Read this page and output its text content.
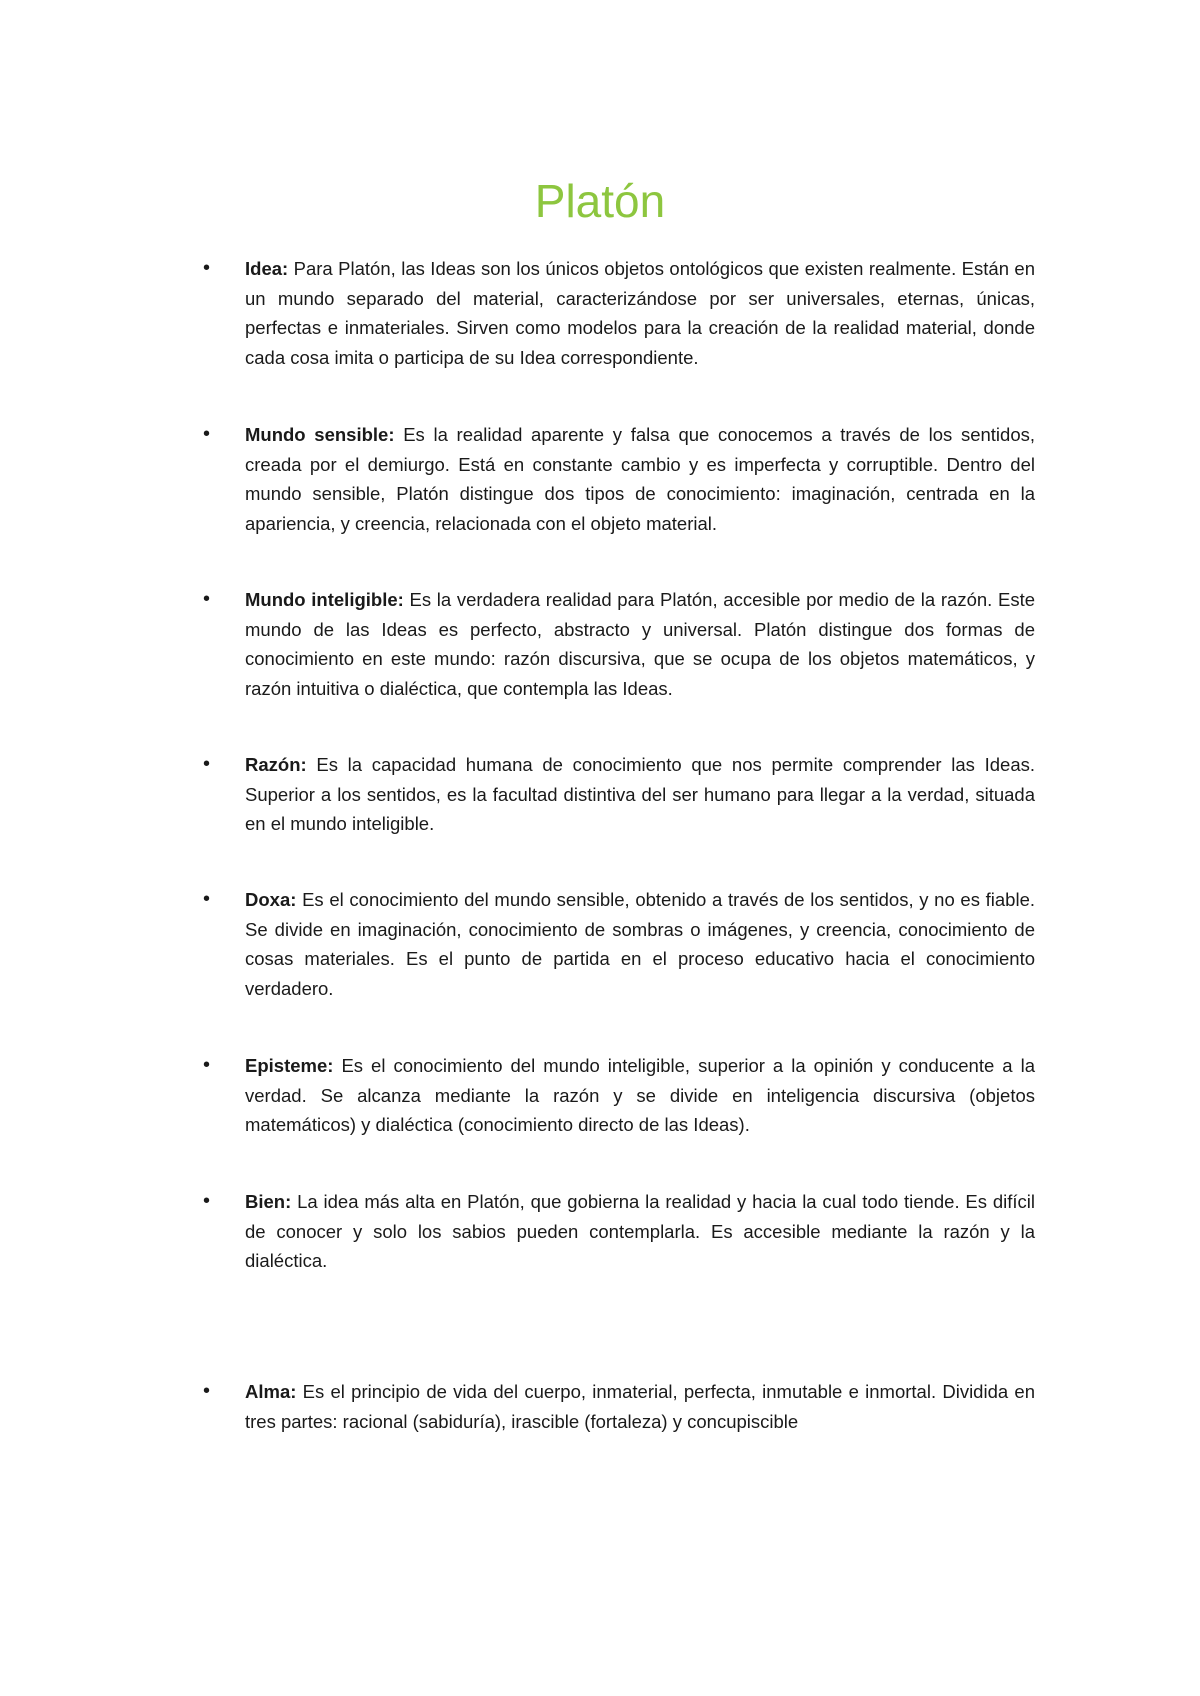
Platón
•	Idea: Para Platón, las Ideas son los únicos objetos ontológicos que existen realmente. Están en un mundo separado del material, caracterizándose por ser universales, eternas, únicas, perfectas e inmateriales. Sirven como modelos para la creación de la realidad material, donde cada cosa imita o participa de su Idea correspondiente.
•	Mundo sensible: Es la realidad aparente y falsa que conocemos a través de los sentidos, creada por el demiurgo. Está en constante cambio y es imperfecta y corruptible. Dentro del mundo sensible, Platón distingue dos tipos de conocimiento: imaginación, centrada en la apariencia, y creencia, relacionada con el objeto material.
•	Mundo inteligible: Es la verdadera realidad para Platón, accesible por medio de la razón. Este mundo de las Ideas es perfecto, abstracto y universal. Platón distingue dos formas de conocimiento en este mundo: razón discursiva, que se ocupa de los objetos matemáticos, y razón intuitiva o dialéctica, que contempla las Ideas.
•	Razón: Es la capacidad humana de conocimiento que nos permite comprender las Ideas. Superior a los sentidos, es la facultad distintiva del ser humano para llegar a la verdad, situada en el mundo inteligible.
•	Doxa: Es el conocimiento del mundo sensible, obtenido a través de los sentidos, y no es fiable. Se divide en imaginación, conocimiento de sombras o imágenes, y creencia, conocimiento de cosas materiales. Es el punto de partida en el proceso educativo hacia el conocimiento verdadero.
•	Episteme: Es el conocimiento del mundo inteligible, superior a la opinión y conducente a la verdad. Se alcanza mediante la razón y se divide en inteligencia discursiva (objetos matemáticos) y dialéctica (conocimiento directo de las Ideas).
•	Bien: La idea más alta en Platón, que gobierna la realidad y hacia la cual todo tiende. Es difícil de conocer y solo los sabios pueden contemplarla. Es accesible mediante la razón y la dialéctica.
•	Alma: Es el principio de vida del cuerpo, inmaterial, perfecta, inmutable e inmortal. Dividida en tres partes: racional (sabiduría), irascible (fortaleza) y concupiscible
